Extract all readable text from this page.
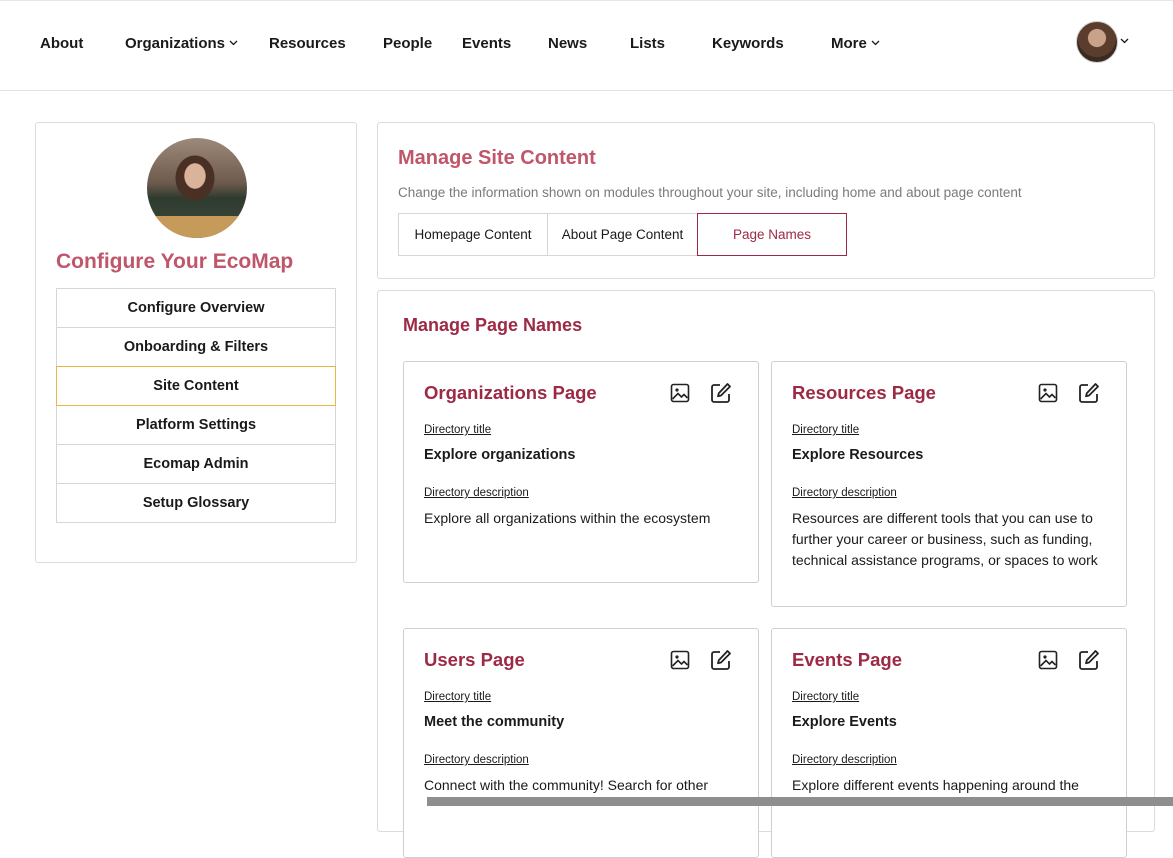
About	Organizations	Resources People Events News	Lists	Keywords	More
Configure Your EcoMap
Configure Overview
Onboarding & Filters
Site Content
Platform Settings
Ecomap Admin
Setup Glossary
Manage Site Content
Change the information shown on modules throughout your site, including home and about page content
Homepage Content	About Page Content	Page Names
Manage Page Names
Organizations Page
Directory title
Explore organizations
Directory description
Explore all organizations within the ecosystem
Resources Page
Directory title
Explore Resources
Directory description
Resources are different tools that you can use to further your career or business, such as funding, technical assistance programs, or spaces to work
Users Page
Directory title
Meet the community
Directory description
Connect with the community! Search for other
Events Page
Directory title
Explore Events
Directory description
Explore different events happening around the
